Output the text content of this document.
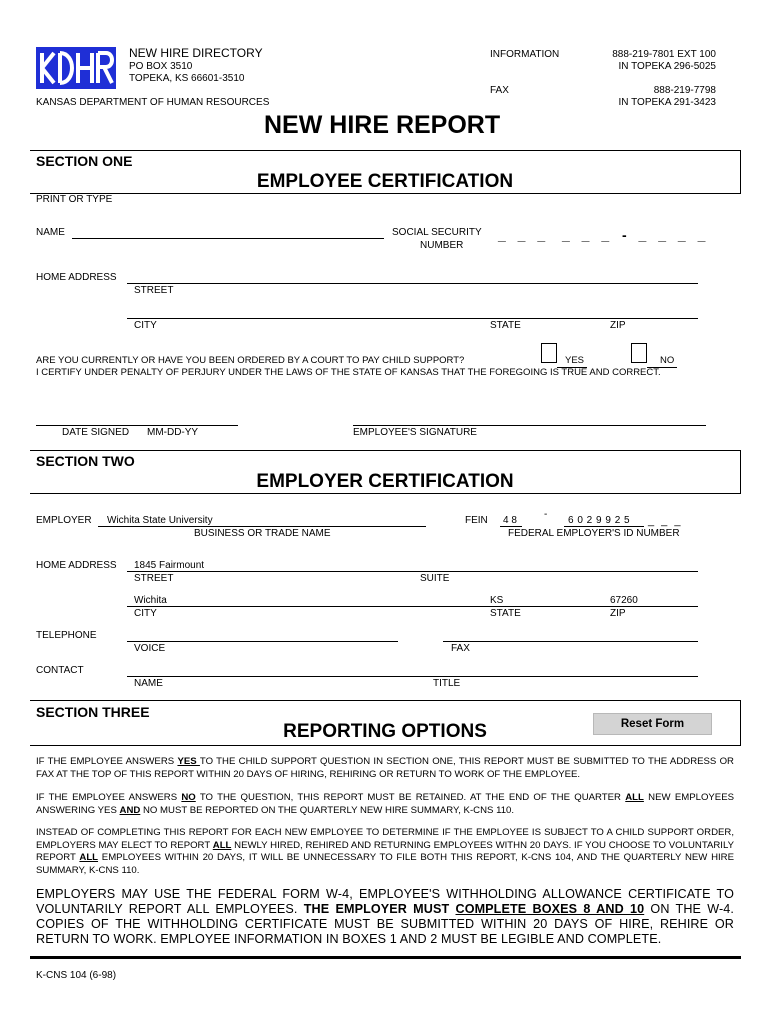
NEW HIRE DIRECTORY
PO BOX 3510
TOPEKA, KS 66601-3510
KANSAS DEPARTMENT OF HUMAN RESOURCES
INFORMATION	888-219-7801 EXT 100
IN TOPEKA 296-5025
FAX	888-219-7798
IN TOPEKA 291-3423
NEW HIRE REPORT
SECTION ONE
EMPLOYEE CERTIFICATION
PRINT OR TYPE
NAME	SOCIAL SECURITY
NUMBER
_ _ _ _ _ _ - _ _ _ _
HOME ADDRESS
STREET
CITY	STATE	ZIP
ARE YOU CURRENTLY OR HAVE YOU BEEN ORDERED BY A COURT TO PAY CHILD SUPPORT?	YES	NO
I CERTIFY UNDER PENALTY OF PERJURY UNDER THE LAWS OF THE STATE OF KANSAS THAT THE FOREGOING IS TRUE AND CORRECT.
DATE SIGNED MM-DD-YY	EMPLOYEE'S SIGNATURE
SECTION TWO
EMPLOYER CERTIFICATION
EMPLOYER Wichita State University
BUSINESS OR TRADE NAME
FEIN 4 8
-
6 0 2 9 9 2 5 _ _ _
FEDERAL EMPLOYER'S ID NUMBER
HOME ADDRESS 1845 Fairmount
STREET	SUITE
Wichita	KS	67260
CITY	STATE	ZIP
TELEPHONE
VOICE	FAX
CONTACT
NAME	TITLE
SECTION THREE
REPORTING OPTIONS	Reset Form
IF THE EMPLOYEE ANSWERS YES TO THE CHILD SUPPORT QUESTION IN SECTION ONE, THIS REPORT MUST BE SUBMITTED TO THE ADDRESS OR FAX AT THE TOP OF THIS REPORT WITHIN 20 DAYS OF HIRING, REHIRING OR RETURN TO WORK OF THE EMPLOYEE.
IF THE EMPLOYEE ANSWERS NO TO THE QUESTION, THIS REPORT MUST BE RETAINED. AT THE END OF THE QUARTER ALL NEW EMPLOYEES ANSWERING YES AND NO MUST BE REPORTED ON THE QUARTERLY NEW HIRE SUMMARY, K-CNS 110.
INSTEAD OF COMPLETING THIS REPORT FOR EACH NEW EMPLOYEE TO DETERMINE IF THE EMPLOYEE IS SUBJECT TO A CHILD SUPPORT ORDER, EMPLOYERS MAY ELECT TO REPORT ALL NEWLY HIRED, REHIRED AND RETURNING EMPLOYEES WITHN 20 DAYS. IF YOU CHOOSE TO VOLUNTARILY REPORT ALL EMPLOYEES WITHIN 20 DAYS, IT WILL BE UNNECESSARY TO FILE BOTH THIS REPORT, K-CNS 104, AND THE QUARTERLY NEW HIRE SUMMARY, K-CNS 110.
EMPLOYERS MAY USE THE FEDERAL FORM W-4, EMPLOYEE'S WITHHOLDING ALLOWANCE CERTIFICATE TO VOLUNTARILY REPORT ALL EMPLOYEES. THE EMPLOYER MUST COMPLETE BOXES 8 AND 10 ON THE W-4. COPIES OF THE WITHHOLDING CERTIFICATE MUST BE SUBMITTED WITHIN 20 DAYS OF HIRE, REHIRE OR RETURN TO WORK. EMPLOYEE INFORMATION IN BOXES 1 AND 2 MUST BE LEGIBLE AND COMPLETE.
K-CNS 104 (6-98)
